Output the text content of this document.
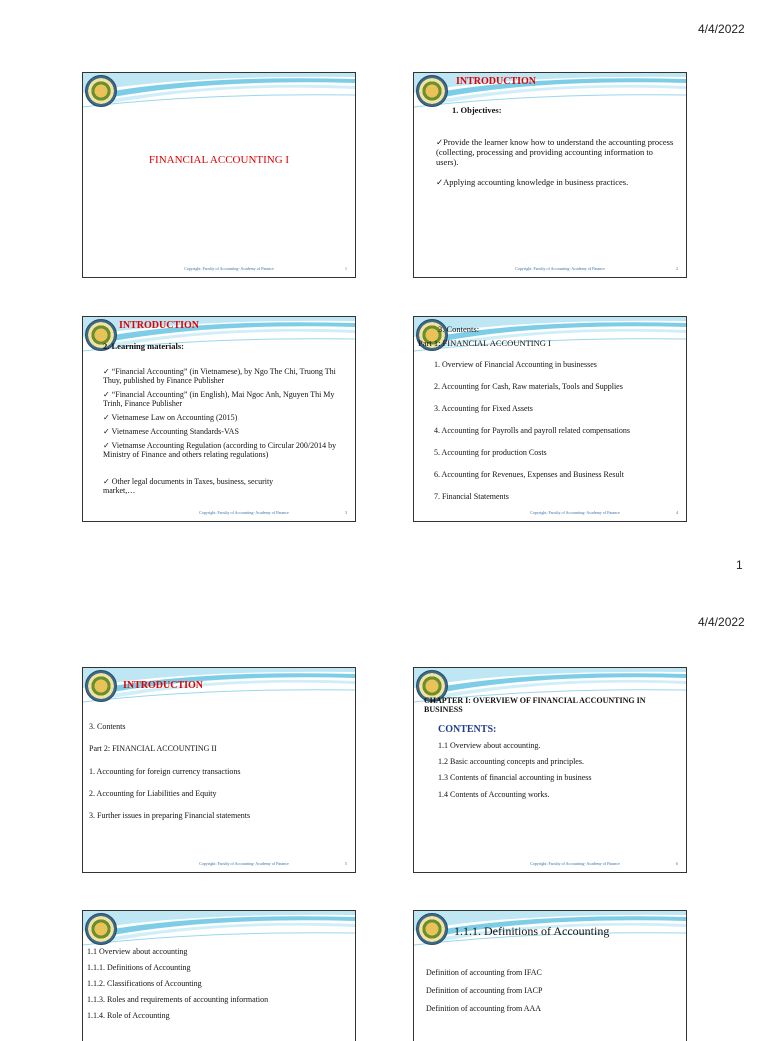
4/4/2022
FINANCIAL ACCOUNTING I
Copyright: Faculty of Accounting- Academy of Finance	1
INTRODUCTION
1. Objectives:
✓Provide the learner know how to understand the accounting process (collecting, processing and providing accounting information to users).
✓Applying accounting knowledge in business practices.
Copyright: Faculty of Accounting- Academy of Finance	2
INTRODUCTION
2. Learning materials:
✓ “Financial Accounting” (in Vietnamese), by Ngo The Chi, Truong Thi Thuy, published by Finance Publisher
✓ “Financial Accounting” (in English), Mai Ngoc Anh, Nguyen Thi My Trinh, Finance Publisher
✓ Vietnamese Law on Accounting (2015)
✓ Vietnamese Accounting Standards-VAS
✓ Vietnamse Accounting Regulation (according to Circular 200/2014 by Ministry of Finance and others relating regulations)
✓ Other legal documents in Taxes, business, security market,…
Copyright: Faculty of Accounting- Academy of Finance	3
3. Contents:
Part 1: FINANCIAL ACCOUNTING I
1. Overview of Financial Accounting in businesses
2. Accounting for Cash, Raw materials, Tools and Supplies
3. Accounting for Fixed Assets
4. Accounting for Payrolls and payroll related compensations
5. Accounting for production Costs
6. Accounting for Revenues, Expenses and Business Result
7. Financial Statements
Copyright: Faculty of Accounting- Academy of Finance	4
1
4/4/2022
INTRODUCTION
3. Contents
Part 2: FINANCIAL ACCOUNTING II
1. Accounting for foreign currency transactions
2. Accounting for Liabilities and Equity
3. Further issues in preparing Financial statements
Copyright: Faculty of Accounting- Academy of Finance	5
CHAPTER I: OVERVIEW OF FINANCIAL ACCOUNTING IN BUSINESS
CONTENTS:
1.1 Overview about accounting.
1.2 Basic accounting concepts and principles.
1.3 Contents of financial accounting in business
1.4 Contents of Accounting works.
Copyright: Faculty of Accounting- Academy of Finance	6
1.1 Overview about accounting
1.1.1. Definitions of Accounting
1.1.2. Classifications of Accounting
1.1.3. Roles and requirements of accounting information
1.1.4. Role of Accounting
1.1.1. Definitions of Accounting
Definition of accounting from IFAC
Definition of accounting from IACP
Definition of accounting from AAA
